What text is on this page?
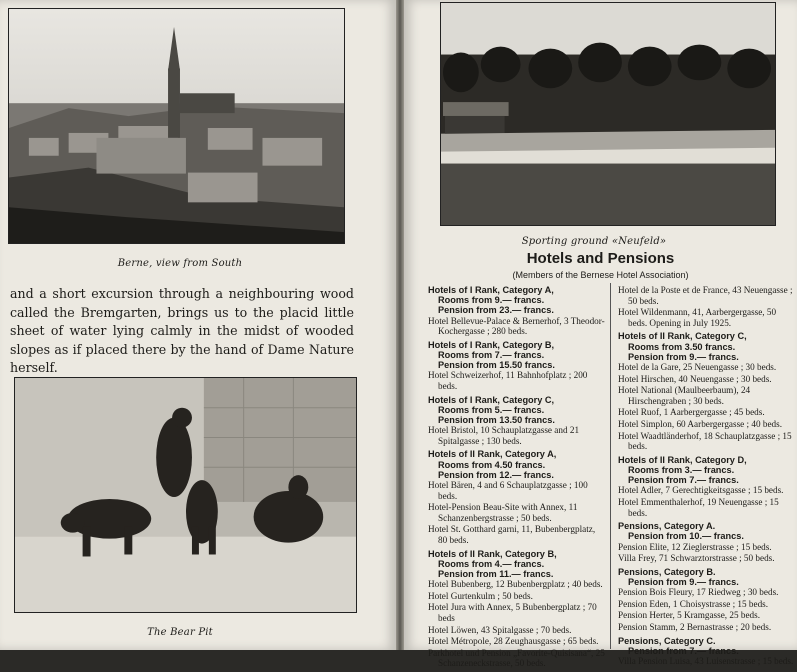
Berne, view from South
and a short excursion through a neighbouring wood called the Bremgarten, brings us to the placid little sheet of water lying calmly in the midst of wooded slopes as if placed there by the hand of Dame Nature herself.
The Bear Pit
Sporting ground «Neufeld»
Hotels and Pensions
(Members of the Bernese Hotel Association)
Hotels of I Rank, Category A,
Rooms from 9.— francs.
Pension from 23.— francs.
Hotel Bellevue-Palace & Bernerhof, 3 Theodor-Kochergasse ; 280 beds.
Hotels of I Rank, Category B,
Rooms from 7.— francs.
Pension from 15.50 francs.
Hotel Schweizerhof, 11 Bahnhofplatz ; 200 beds.
Hotels of I Rank, Category C,
Rooms from 5.— francs.
Pension from 13.50 francs.
Hotel Bristol, 10 Schauplatzgasse and 21 Spitalgasse ; 130 beds.
Hotels of II Rank, Category A,
Rooms from 4.50 francs.
Pension from 12.— francs.
Hotel Bären, 4 and 6 Schauplatzgasse ; 100 beds.
Hotel-Pension Beau-Site with Annex, 11 Schanzenbergstrasse ; 50 beds.
Hotel St. Gotthard garni, 11, Bubenbergplatz, 80 beds.
Hotels of II Rank, Category B,
Rooms from 4.— francs.
Pension from 11.— francs.
Hotel Bubenberg, 12 Bubenbergplatz ; 40 beds.
Hotel Gurtenkulm ; 50 beds.
Hotel Jura with Annex, 5 Bubenbergplatz ; 70 beds
Hotel Löwen, 43 Spitalgasse ; 70 beds.
Hotel Métropole, 28 Zeughausgasse ; 65 beds.
Parkhotel und Pension „Favorite-Quisisana“, 25 Schanzeneckstrasse, 50 beds.
Hotel de la Poste et de France, 43 Neuengasse ; 50 beds.
Hotel Wildenmann, 41, Aarbergergasse, 50 beds. Opening in July 1925.
Hotels of II Rank, Category C,
Rooms from 3.50 francs.
Pension from 9.— francs.
Hotel de la Gare, 25 Neuengasse ; 30 beds.
Hotel Hirschen, 40 Neuengasse ; 30 beds.
Hotel National (Maulbeerbaum), 24 Hirschengraben ; 30 beds.
Hotel Ruof, 1 Aarbergergasse ; 45 beds.
Hotel Simplon, 60 Aarbergergasse ; 40 beds.
Hotel Waadtländerhof, 18 Schauplatzgasse ; 15 beds.
Hotels of II Rank, Category D,
Rooms from 3.— francs.
Pension from 7.— francs.
Hotel Adler, 7 Gerechtigkeitsgasse ; 15 beds.
Hotel Emmenthalerhof, 19 Neuengasse ; 15 beds.
Pensions, Category A.
Pension from 10.— francs.
Pension Elite, 12 Zieglerstrasse ; 15 beds.
Villa Frey, 71 Schwarztorstrasse ; 50 beds.
Pensions, Category B.
Pension from 9.— francs.
Pension Bois Fleury, 17 Riedweg ; 30 beds.
Pension Eden, 1 Choisystrasse ; 15 beds.
Pension Herter, 5 Kramgasse, 25 beds.
Pension Stamm, 2 Bernastrasse ; 20 beds.
Pensions, Category C.
Pension from 7.— francs.
Villa Pension Luisa, 43 Luisenstrasse ; 15 beds.
